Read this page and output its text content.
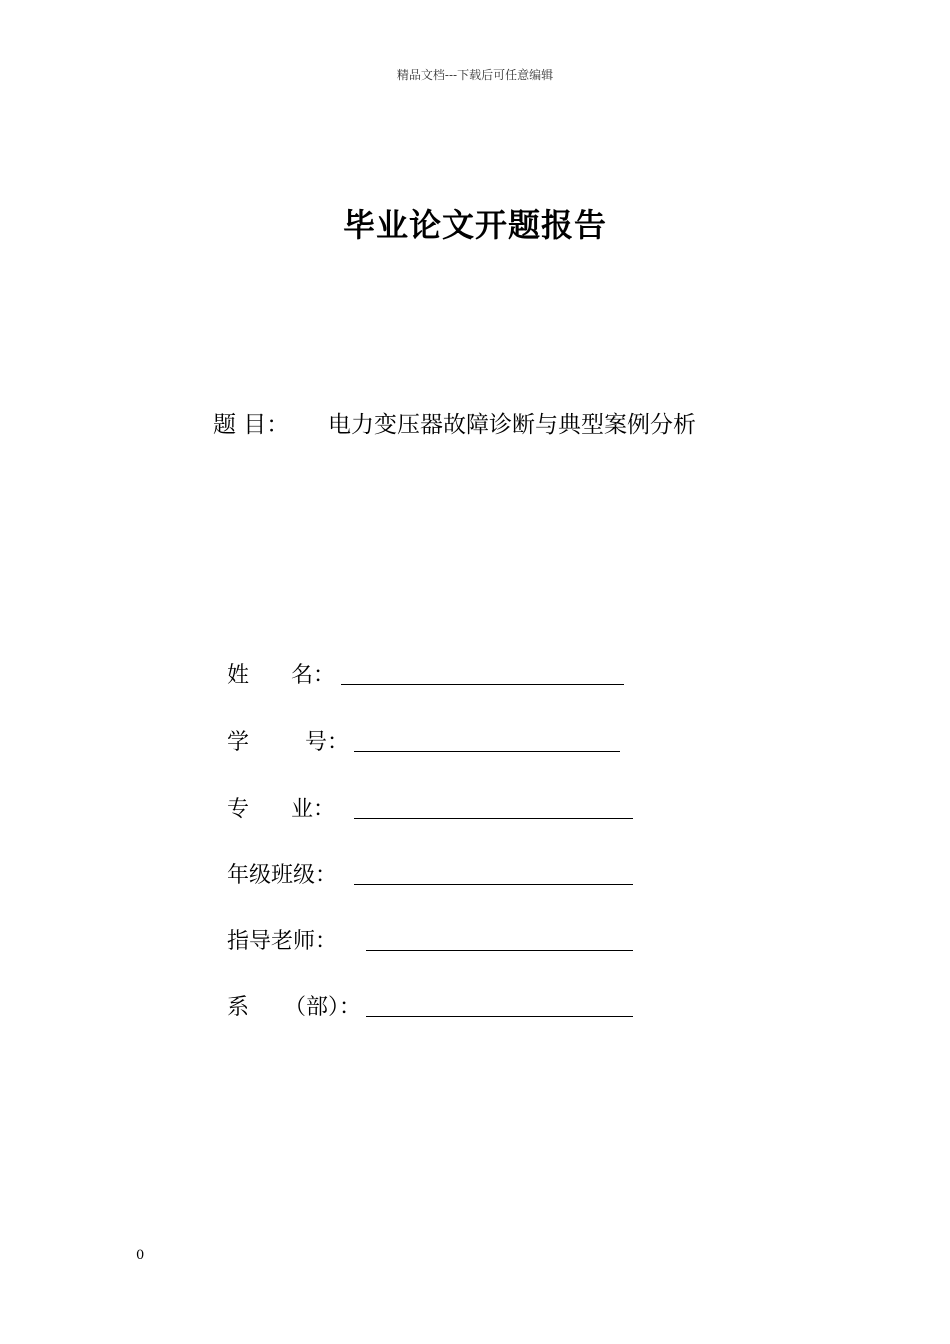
精品文档---下载后可任意编辑
毕业论文开题报告
题 目： 电力变压器故障诊断与典型案例分析
姓      名：
学        号：
专      业：
年级班级：
指导老师：
系     （部）：
0
